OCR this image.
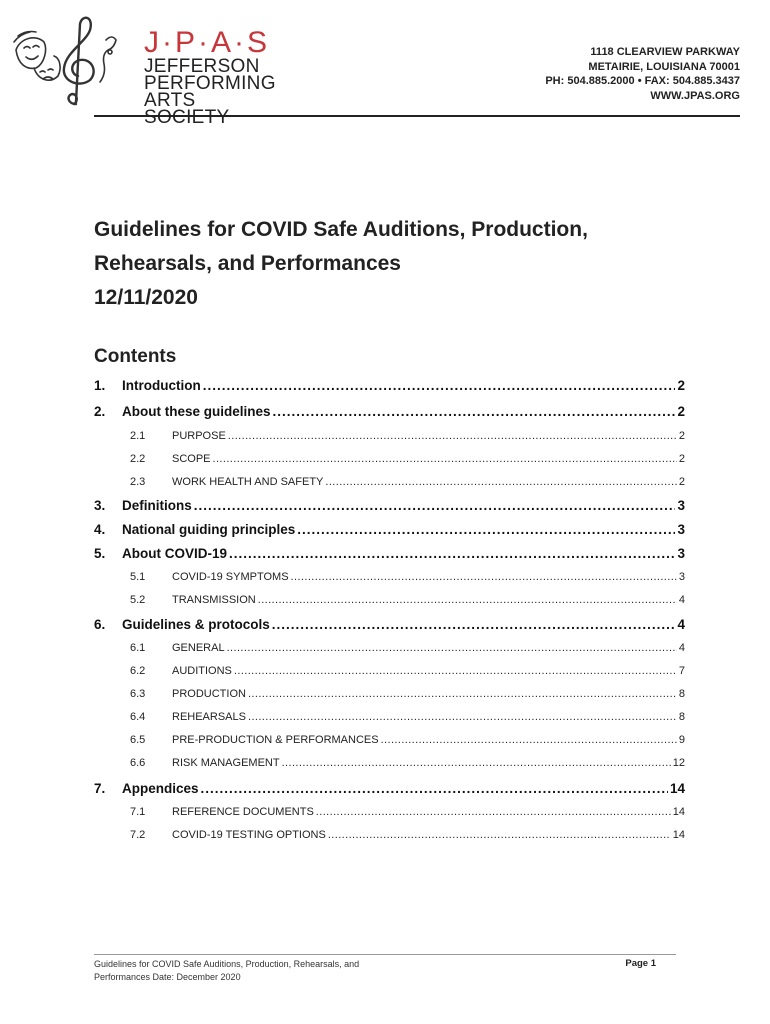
J·P·A·S
JEFFERSON
PERFORMING
ARTS SOCIETY
1118 CLEARVIEW PARKWAY
METAIRIE, LOUISIANA 70001
PH: 504.885.2000 • FAX: 504.885.3437
WWW.JPAS.ORG
Guidelines for COVID Safe Auditions, Production,
Rehearsals, and Performances
12/11/2020
Contents
1.	Introduction .....	2
2.	About these guidelines .....	2
2.1	PURPOSE .....	2
2.2	SCOPE .....	2
2.3	WORK HEALTH AND SAFETY .....	2
3.	Definitions .....	3
4.	National guiding principles .....	3
5.	About COVID-19 .....	3
5.1	COVID-19 SYMPTOMS .....	3
5.2	TRANSMISSION .....	4
6.	Guidelines & protocols .....	4
6.1	GENERAL .....	4
6.2	AUDITIONS .....	7
6.3	PRODUCTION .....	8
6.4	REHEARSALS .....	8
6.5	PRE-PRODUCTION & PERFORMANCES .....	9
6.6	RISK MANAGEMENT .....	12
7.	Appendices .....	14
7.1	REFERENCE DOCUMENTS .....	14
7.2	COVID-19 TESTING OPTIONS .....	14
Guidelines for COVID Safe Auditions, Production, Rehearsals, and
Performances Date: December 2020
Page 1
